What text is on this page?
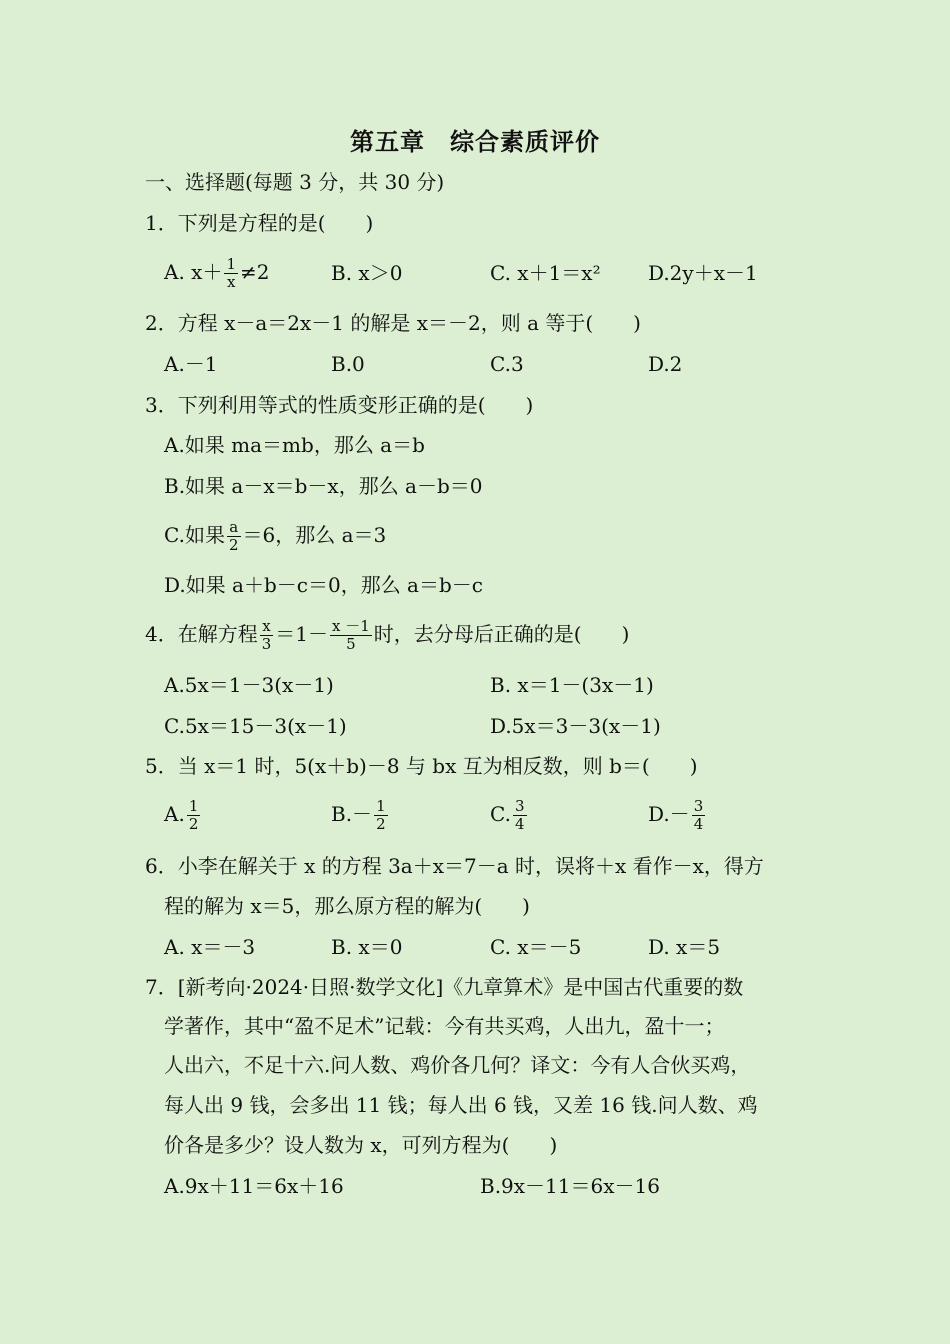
第五章　综合素质评价
一、选择题(每题 3 分，共 30 分)
1．下列是方程的是(　　)
A. $x+ \frac{1}{x} \ne 2$	B. x＞0	C. x＋1＝x² D.2y＋x－1
2．方程 x－a＝2x－1 的解是 x＝－2，则 a 等于(　　)
A.－1	B.0	C.3	D.2
3．下列利用等式的性质变形正确的是(　　)
A.如果 ma＝mb，那么 a＝b
B.如果 a－x＝b－x，那么 a－b＝0
C.如果 $\frac{a}{2} =6$，那么 a＝3
D.如果 a＋b－c＝0，那么 a＝b－c
4．在解方程 $\frac{x}{3} =1- \frac{x -1}{5}$ 时，去分母后正确的是(　　)
A.5x＝1－3(x－1)	B. x＝1－(3x－1)
C.5x＝15－3(x－1)	D.5x＝3－3(x－1)
5．当 x＝1 时，5(x＋b)－8 与 bx 互为相反数，则 b＝(　　)
A. $\frac{1}{2}$	$B.- \frac{1}{2}$	C. $\frac{3}{4}$	$D.- \frac{3}{4}$
6．小李在解关于 x 的方程 3a＋x＝7－a 时，误将＋x 看作－x，得方
程的解为 x＝5，那么原方程的解为(　　)
A. x＝－3	B. x＝0	C. x＝－5	D. x＝5
7．[新考向·2024·日照·数学文化]《九章算术》是中国古代重要的数
学著作，其中“盈不足术”记载：今有共买鸡，人出九，盈十一；
人出六，不足十六.问人数、鸡价各几何？译文：今有人合伙买鸡，
每人出 9 钱，会多出 11 钱；每人出 6 钱，又差 16 钱.问人数、鸡
价各是多少？设人数为 x，可列方程为(　　)
A.9x＋11＝6x＋16	B.9x－11＝6x－16
